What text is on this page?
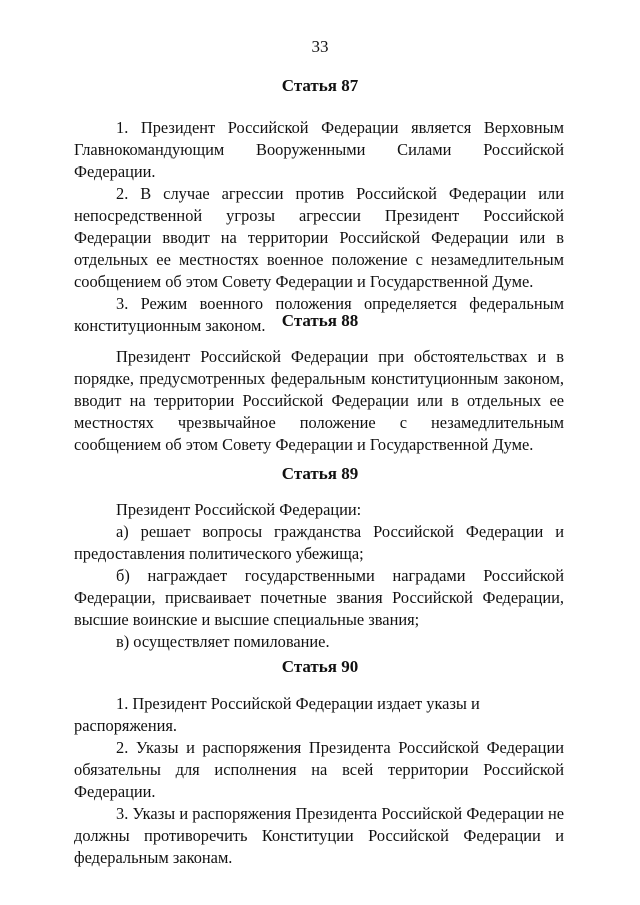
33
Статья 87

1. Президент Российской Федерации является Верховным Главнокомандующим Вооруженными Силами Российской Федерации.

2. В случае агрессии против Российской Федерации или непосредственной угрозы агрессии Президент Российской Федерации вводит на территории Российской Федерации или в отдельных ее местностях военное положение с незамедлительным сообщением об этом Совету Федерации и Государственной Думе.

3. Режим военного положения определяется федеральным конституционным законом. Статья 88

Президент Российской Федерации при обстоятельствах и в порядке, предусмотренных федеральным конституционным законом, вводит на территории Российской Федерации или в отдельных ее местностях чрезвычайное положение с незамедлительным сообщением об этом Совету Федерации и Государственной Думе.

Статья 89

Президент Российской Федерации:

а) решает вопросы гражданства Российской Федерации и предоставления политического убежища;

б) награждает государственными наградами Российской Федерации, присваивает почетные звания Российской Федерации, высшие воинские и высшие специальные звания;

в) осуществляет помилование.

Статья 90

1. Президент Российской Федерации издает указы и распоряжения.

2. Указы и распоряжения Президента Российской Федерации обязательны для исполнения на всей территории Российской Федерации.

3. Указы и распоряжения Президента Российской Федерации не должны противоречить Конституции Российской Федерации и федеральным законам.
